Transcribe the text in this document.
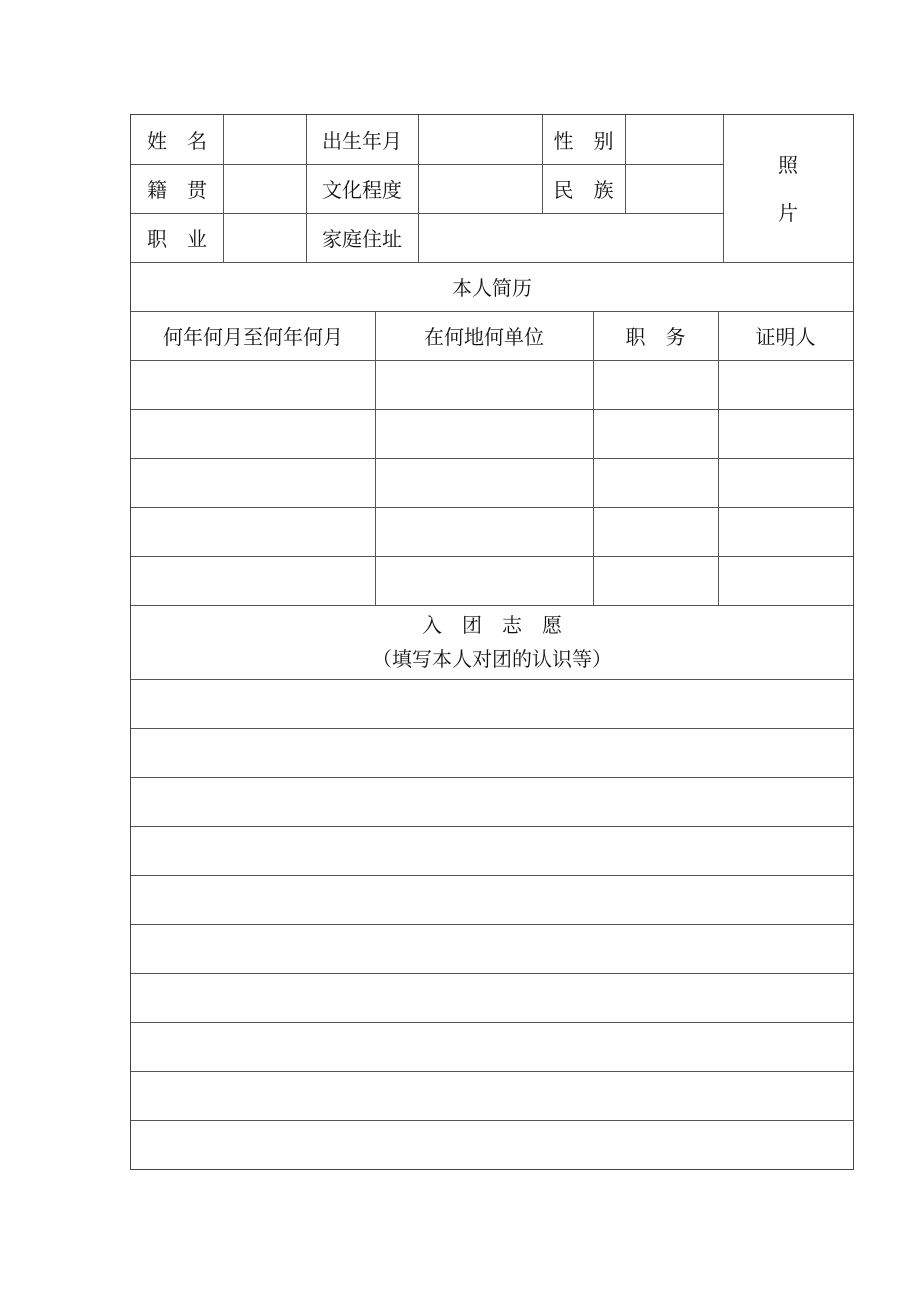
姓　名	出生年月	性　别
籍　贯	文化程度	民　族
职　业	家庭住址
照
片
本人简历
何年何月至何年何月	在何地何单位	职　务	证明人
入　团　志　愿
（填写本人对团的认识等）
